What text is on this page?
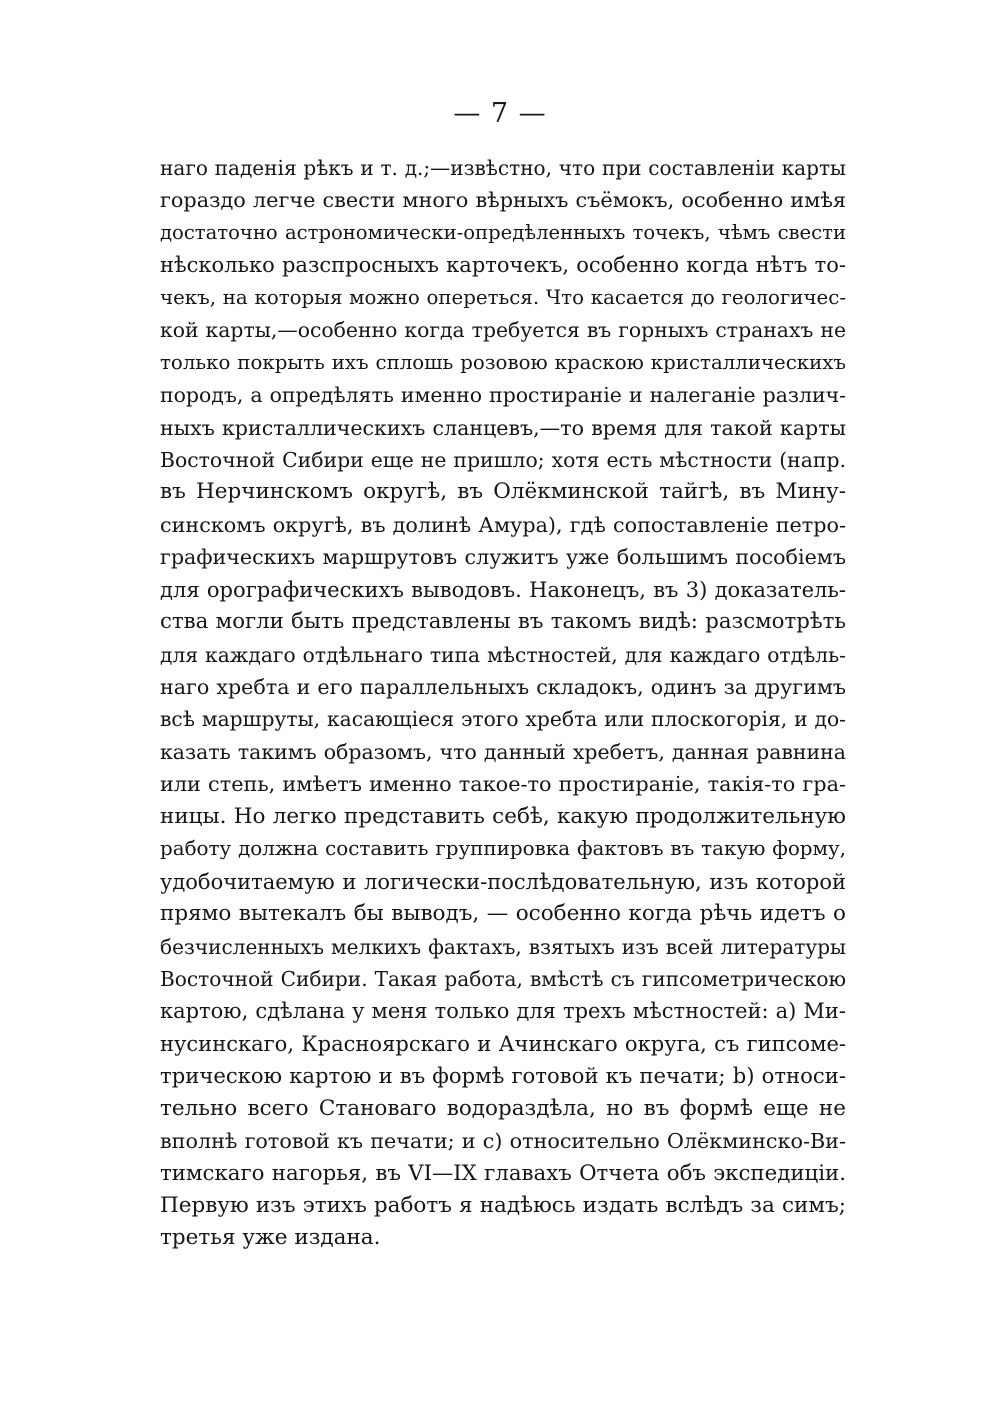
— 7 —
наго паденія рѣкъ и т. д.;—извѣстно, что при составленіи карты
гораздо легче свести много вѣрныхъ съёмокъ, особенно имѣя
достаточно астрономически-опредѣленныхъ точекъ, чѣмъ свести
нѣсколько разспросныхъ карточекъ, особенно когда нѣтъ то-
чекъ, на которыя можно опереться. Что касается до геологичес-
кой карты,—особенно когда требуется въ горныхъ странахъ не
только покрыть ихъ сплошь розовою краскою кристаллическихъ
породъ, а опредѣлять именно простираніе и налеганіе различ-
ныхъ кристаллическихъ сланцевъ,—то время для такой карты
Восточной Сибири еще не пришло; хотя есть мѣстности (напр.
въ Нерчинскомъ округѣ, въ Олёкминской тайгѣ, въ Мину-
синскомъ округѣ, въ долинѣ Амура), гдѣ сопоставленіе петро-
графическихъ маршрутовъ служитъ уже большимъ пособіемъ
для орографическихъ выводовъ. Наконецъ, въ 3) доказатель-
ства могли быть представлены въ такомъ видѣ: разсмотрѣть
для каждаго отдѣльнаго типа мѣстностей, для каждаго отдѣль-
наго хребта и его параллельныхъ складокъ, одинъ за другимъ
всѣ маршруты, касающіеся этого хребта или плоскогорія, и до-
казать такимъ образомъ, что данный хребетъ, данная равнина
или степь, имѣетъ именно такое-то простираніе, такія-то гра-
ницы. Но легко представить себѣ, какую продолжительную
работу должна составить группировка фактовъ въ такую форму,
удобочитаемую и логически-послѣдовательную, изъ которой
прямо вытекалъ бы выводъ, — особенно когда рѣчь идетъ о
безчисленныхъ мелкихъ фактахъ, взятыхъ изъ всей литературы
Восточной Сибири. Такая работа, вмѣстѣ съ гипсометрическою
картою, сдѣлана у меня только для трехъ мѣстностей: a) Ми-
нусинскаго, Красноярскаго и Ачинскаго округа, съ гипсоме-
трическою картою и въ формѣ готовой къ печати; b) относи-
тельно всего Становаго водораздѣла, но въ формѣ еще не
вполнѣ готовой къ печати; и c) относительно Олёкминско-Ви-
тимскаго нагорья, въ VI—IX главахъ Отчета объ экспедиціи.
Первую изъ этихъ работъ я надѣюсь издать вслѣдъ за симъ;
третья уже издана.
